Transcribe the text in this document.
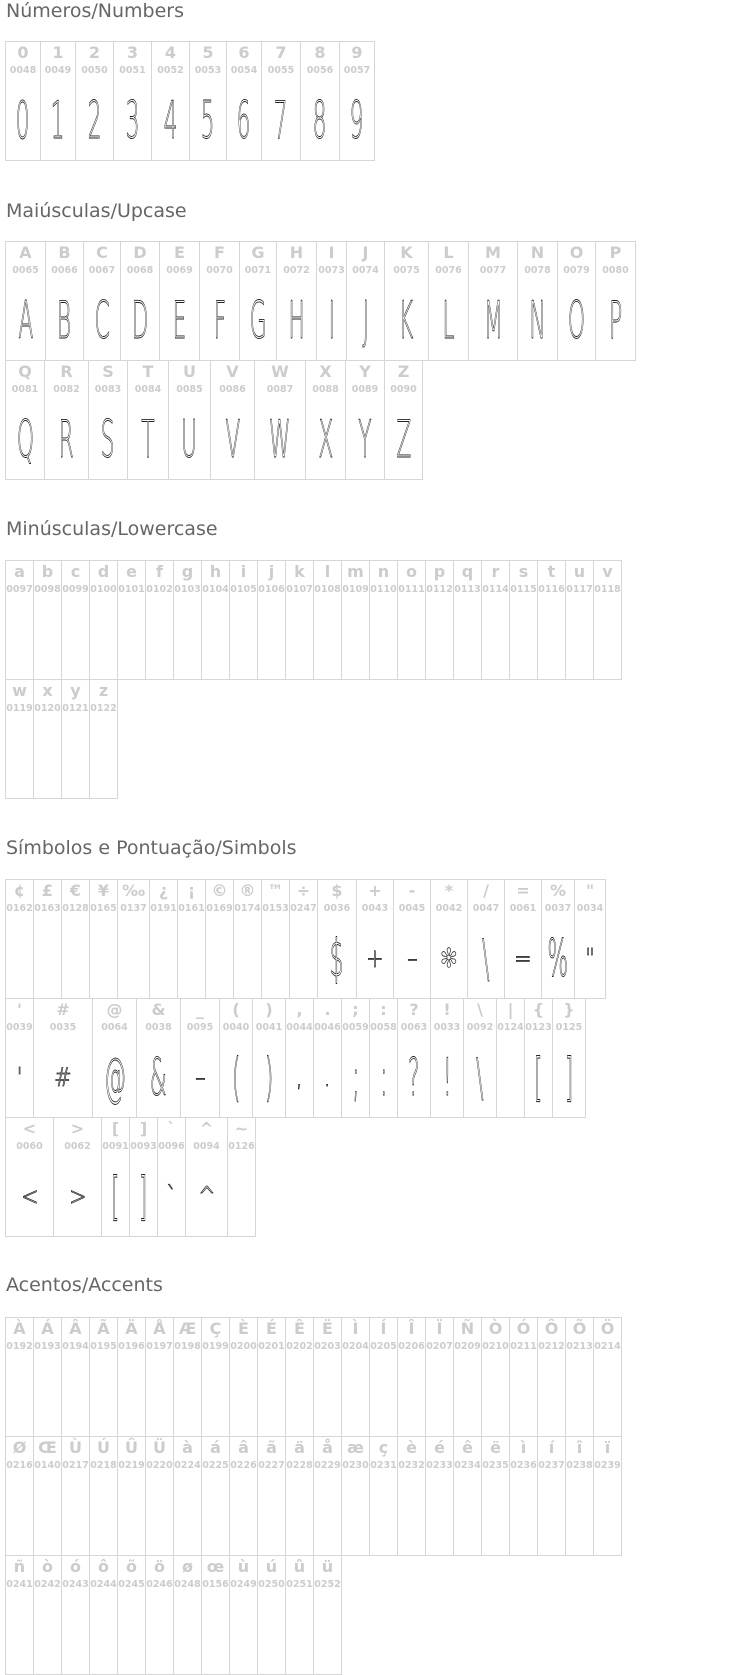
Números/Numbers
0
0048
0
1
0049
1
2
0050
2
3
0051
3
4
0052
4
5
0053
5
6
0054
6
7
0055
7
8
0056
8
9
0057
9
Maiúsculas/Upcase
A
0065
A
B
0066
B
C
0067
C
D
0068
D
E
0069
E
F
0070
F
G
0071
G
H
0072
H
I
0073
I
J
0074
J
K
0075
K
L
0076
L
M
0077
M
N
0078
N
O
0079
O
P
0080
P
Q
0081
Q
R
0082
R
S
0083
S
T
0084
T
U
0085
U
V
0086
V
W
0087
W
X
0088
X
Y
0089
Y
Z
0090
Z
Minúsculas/Lowercase
a
0097
b
0098
c
0099
d
0100
e
0101
f
0102
g
0103
h
0104
i
0105
j
0106
k
0107
l
0108
m
0109
n
0110
o
0111
p
0112
q
0113
r
0114
s
0115
t
0116
u
0117
v
0118
w
0119
x
0120
y
0121
z
0122
Símbolos e Pontuação/Simbols
¢
0162
£
0163
€
0128
¥
0165
‰
0137
¿
0191
¡
0161
©
0169
®
0174
™
0153
÷
0247
$
0036
$
+
0043
+
-
0045
–
*
0042
✻
/
0047
\
=
0061
=
%
0037
%
"
0034
"
'
0039
'
#
0035
#
@
0064
@
&
0038
&
_
0095
–
(
0040
(
)
0041
)
,
0044
,
.
0046
.
;
0059
;
:
0058
:
?
0063
?
!
0033
!
\
0092
\
|
0124
{
0123
[
}
0125
]
<
0060
<
>
0062
>
[
0091
[
]
0093
]
`
0096
`
^
0094
^
~
0126
Acentos/Accents
À
0192
Á
0193
Â
0194
Ã
0195
Ä
0196
Å
0197
Æ
0198
Ç
0199
È
0200
É
0201
Ê
0202
Ë
0203
Ì
0204
Í
0205
Î
0206
Ï
0207
Ñ
0209
Ò
0210
Ó
0211
Ô
0212
Õ
0213
Ö
0214
Ø
0216
Œ
0140
Ù
0217
Ú
0218
Û
0219
Ü
0220
à
0224
á
0225
â
0226
ã
0227
ä
0228
å
0229
æ
0230
ç
0231
è
0232
é
0233
ê
0234
ë
0235
ì
0236
í
0237
î
0238
ï
0239
ñ
0241
ò
0242
ó
0243
ô
0244
õ
0245
ö
0246
ø
0248
œ
0156
ù
0249
ú
0250
û
0251
ü
0252
